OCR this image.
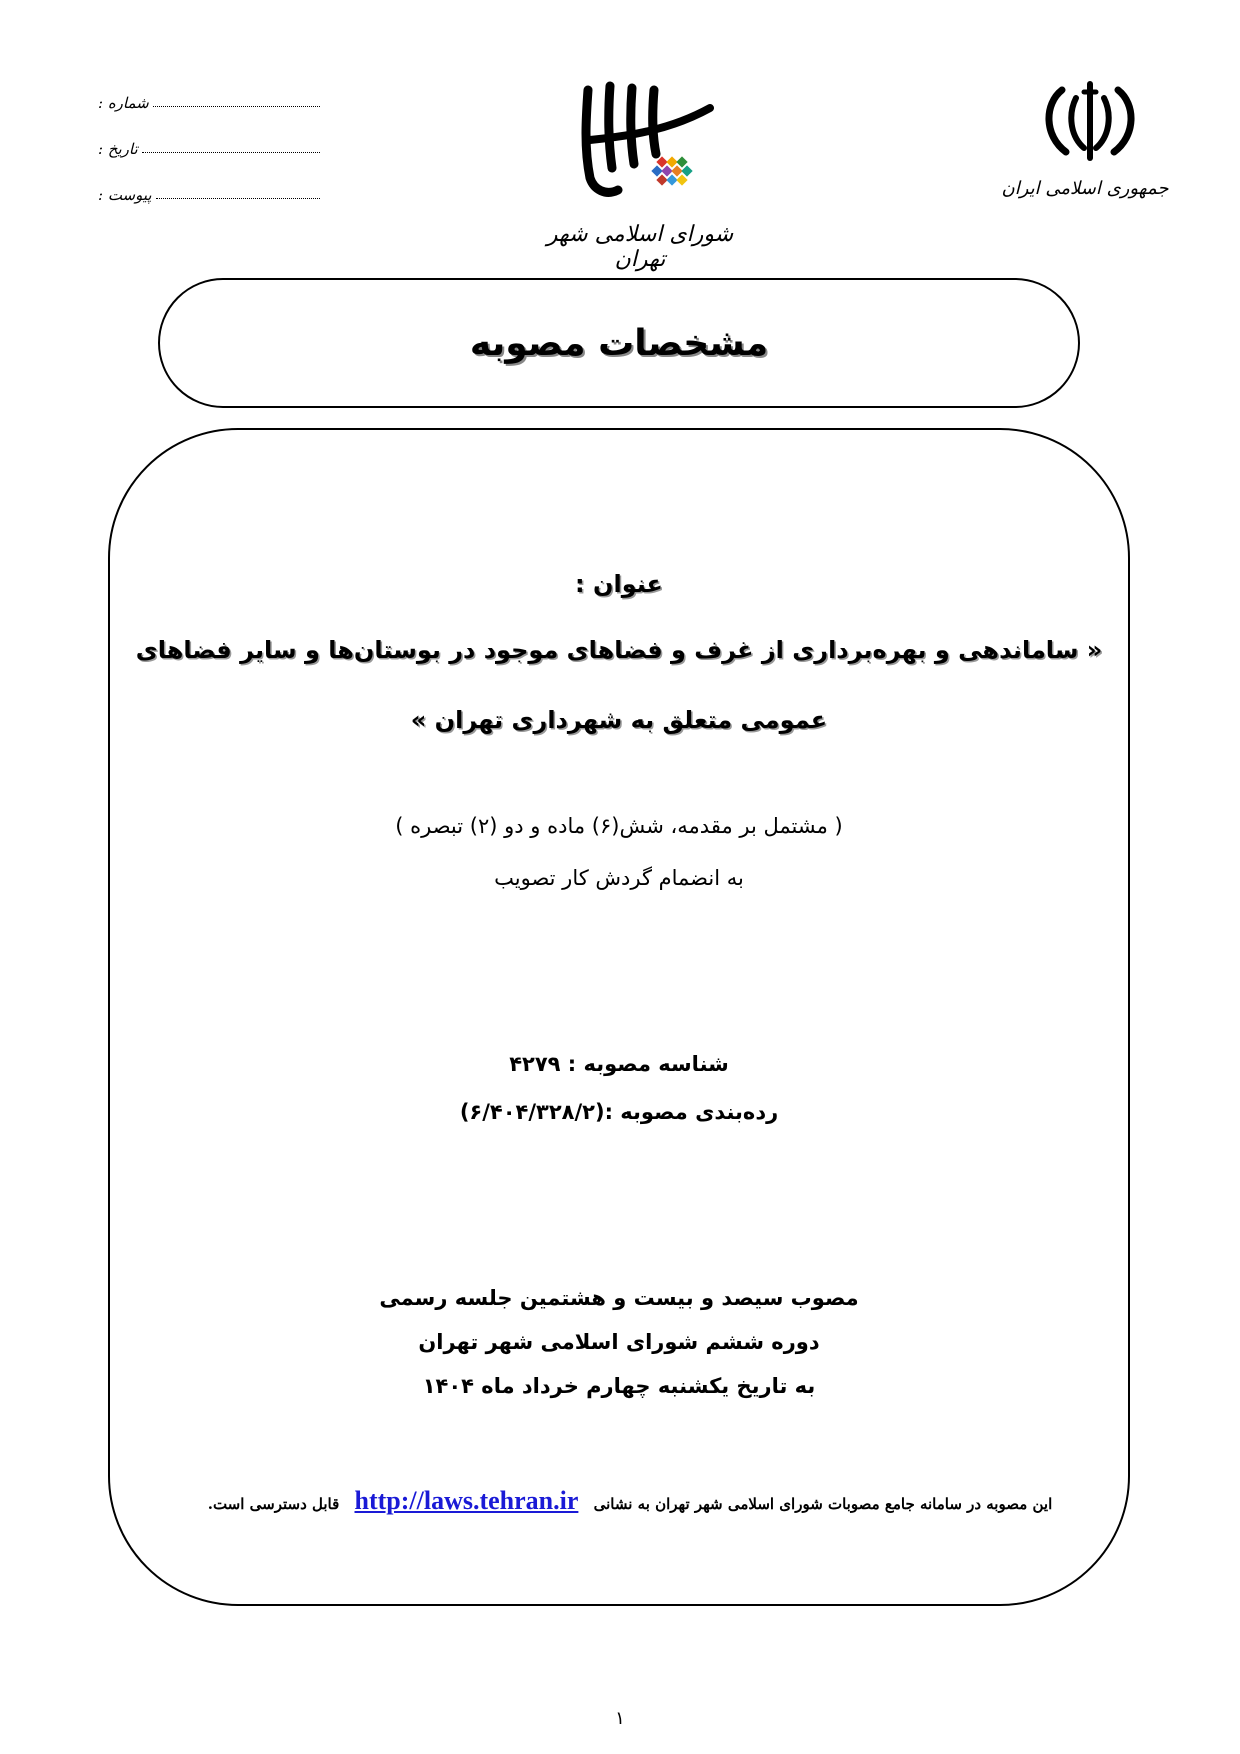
شماره :
تاریخ :
پیوست :
شورای اسلامی شهر تهران
جمهوری اسلامی ایران
مشخصات مصوبه
عنوان :
« ساماندهی و بهره‌برداری از غرف و فضاهای موجود در بوستان‌ها و سایر فضاهای
عمومی متعلق به شهرداری تهران »
( مشتمل بر مقدمه، شش(۶) ماده و دو (۲) تبصره )
به انضمام گردش کار تصویب
شناسه مصوبه : ۴۲۷۹
رده‌بندی مصوبه :(۶/۴۰۴/۳۲۸/۲)
مصوب سیصد و بیست و هشتمین جلسه رسمی
دوره ششم شورای اسلامی شهر تهران
به تاریخ یکشنبه چهارم خرداد ماه ۱۴۰۴
این مصوبه در سامانه جامع مصوبات شورای اسلامی شهر تهران به نشانی http://laws.tehran.ir قابل دسترسی است.
۱
